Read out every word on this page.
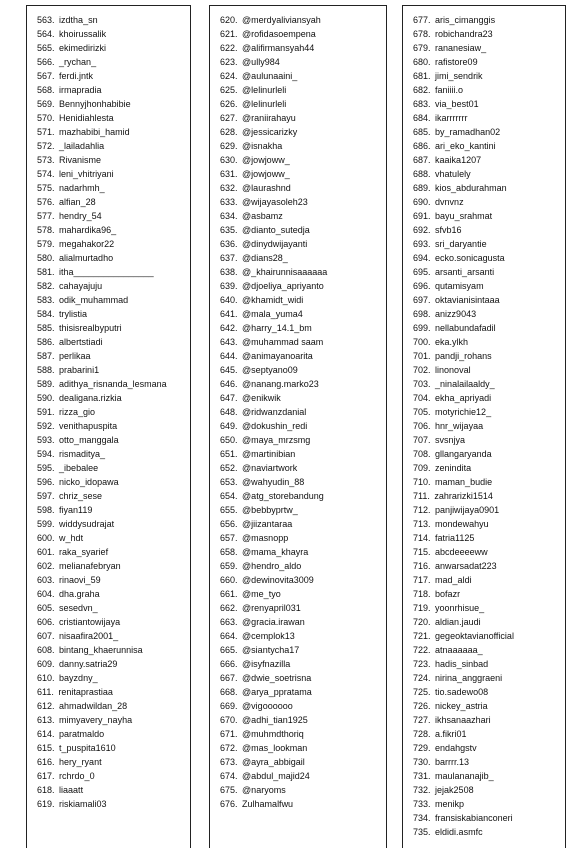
563. izdtha_sn
564. khoirussalik
565. ekimedirizki
566. _rychan_
567. ferdi.jntk
568. irmapradia
569. Bennyjhonhabibie
570. Henidiahlesta
571. mazhabibi_hamid
572. _lailadahlia
573. Rivanisme
574. leni_vhitriyani
575. nadarhmh_
576. alfian_28
577. hendry_54
578. mahardika96_
579. megahakor22
580. alialmurtadho
581. itha________________
582. cahayajuju
583. odik_muhammad
584. trylistia
585. thisisrealbyputri
586. albertstiadi
587. perlikaa
588. prabarini1
589. adithya_risnanda_lesmana
590. dealigana.rizkia
591. rizza_gio
592. venithapuspita
593. otto_manggala
594. rismaditya_
595. _ibebalee
596. nicko_idopawa
597. chriz_sese
598. fiyan119
599. widdysudrajat
600. w_hdt
601. raka_syarief
602. melianafebryan
603. rinaovi_59
604. dha.graha
605. sesedvn_
606. cristiantowijaya
607. nisaafira2001_
608. bintang_khaerunnisa
609. danny.satria29
610. bayzdny_
611. renitaprastiaa
612. ahmadwildan_28
613. mimyavery_nayha
614. paratmaldo
615. t_puspita1610
616. hery_ryant
617. rchrdo_0
618. liaaatt
619. riskiamali03
620. @merdyaliviansyah
621. @rofidasoempena
622. @alifirmansyah44
623. @ully984
624. @aulunaaini_
625. @lelinurleli
626. @lelinurleli
627. @raniirahayu
628. @jessicarizky
629. @isnakha
630. @jowjoww_
631. @jowjoww_
632. @laurashnd
633. @wijayasoleh23
634. @asbamz
635. @dianto_sutedja
636. @dinydwijayanti
637. @dians28_
638. @_khairunnisaaaaaa
639. @djoeliya_apriyanto
640. @khamidt_widi
641. @mala_yuma4
642. @harry_14.1_bm
643. @muhammad saam
644. @animayanoarita
645. @septyano09
646. @nanang.marko23
647. @enikwik
648. @ridwanzdanial
649. @dokushin_redi
650. @maya_mrzsmg
651. @martinibian
652. @naviartwork
653. @wahyudin_88
654. @atg_storebandung
655. @bebbyprtw_
656. @jiizantaraa
657. @masnopp
658. @mama_khayra
659. @hendro_aldo
660. @dewinovita3009
661. @me_tyo
662. @renyapril031
663. @gracia.irawan
664. @cemplok13
665. @siantycha17
666. @isyfnazilla
667. @dwie_soetrisna
668. @arya_ppratama
669. @vigoooooo
670. @adhi_tian1925
671. @muhmdthoriq
672. @mas_lookman
673. @ayra_abbigail
674. @abdul_majid24
675. @naryoms
676. Zulhamalfwu
677. aris_cimanggis
678. robichandra23
679. rananesiaw_
680. rafistore09
681. jimi_sendrik
682. faniiii.o
683. via_best01
684. ikarrrrrrr
685. by_ramadhan02
686. ari_eko_kantini
687. kaaika1207
688. vhatulely
689. kios_abdurahman
690. dvnvnz
691. bayu_srahmat
692. sfvb16
693. sri_daryantie
694. ecko.sonicagusta
695. arsanti_arsanti
696. qutamisyam
697. oktavianisintaaa
698. anizz9043
699. nellabundafadil
700. eka.ylkh
701. pandji_rohans
702. linonoval
703. _ninalailaaldy_
704. ekha_apriyadi
705. motyrichie12_
706. hnr_wijayaa
707. svsnjya
708. gllangaryanda
709. zenindita
710. maman_budie
711. zahrarizki1514
712. panjiwijaya0901
713. mondewahyu
714. fatria1125
715. abcdeeeeww
716. anwarsadat223
717. mad_aldi
718. bofazr
719. yoonrhisue_
720. aldian.jaudi
721. gegeoktavianofficial
722. atnaaaaaa_
723. hadis_sinbad
724. nirina_anggraeni
725. tio.sadewo08
726. nickey_astria
727. ikhsanaazhari
728. a.fikri01
729. endahgstv
730. barrrr.13
731. maulananajib_
732. jejak2508
733. menikp
734. fransiskabianconeri
735. eldidi.asmfc
